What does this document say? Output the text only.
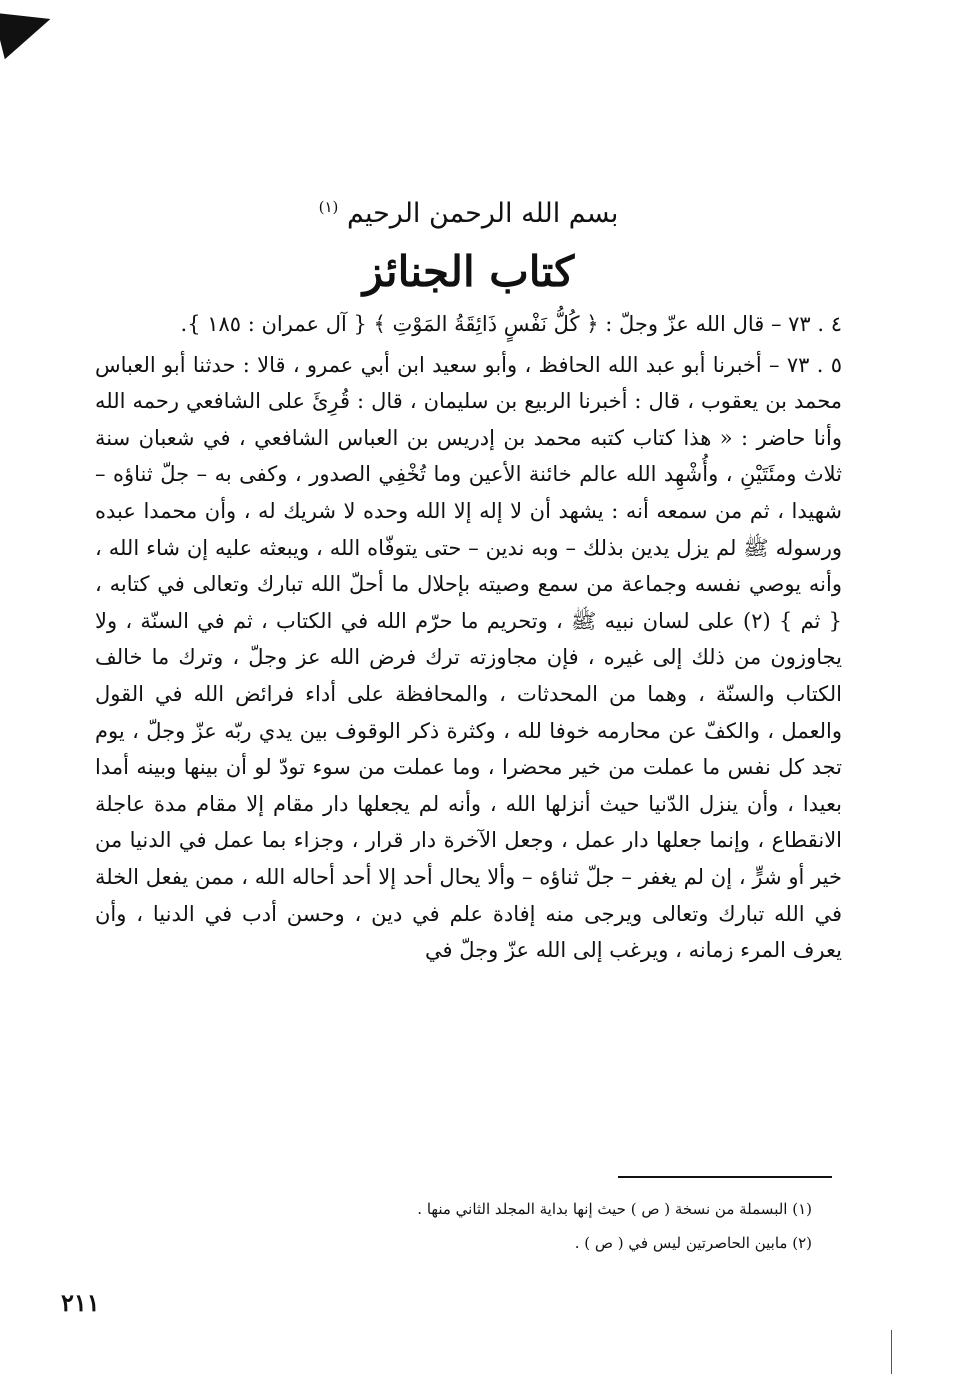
بسم الله الرحمن الرحيم $^{(١)}$

كتاب الجنائز

٤ . ٧٣ – قال الله عزّ وجلّ : ﴿ كُلُّ نَفْسٍ ذَائِقَةُ المَوْتِ ﴾ { آل عمران : ١٨٥ }.

٥ . ٧٣ – أخبرنا أبو عبد الله الحافظ ، وأبو سعيد ابن أبي عمرو ، قالا : حدثنا أبو العباس محمد بن يعقوب ، قال : أخبرنا الربيع بن سليمان ، قال : قُرِئَ على الشافعي رحمه الله وأنا حاضر : « هذا كتاب كتبه محمد بن إدريس بن العباس الشافعي ، في شعبان سنة ثلاث ومئَتَيْنِ ، وأُشْهِد الله عالم خائنة الأعين وما تُخْفِي الصدور ، وكفى به – جلّ ثناؤه – شهيدا ، ثم من سمعه أنه : يشهد أن لا إله إلا الله وحده لا شريك له ، وأن محمدا عبده ورسوله ﷺ لم يزل يدين بذلك – وبه ندين – حتى يتوفّاه الله ، ويبعثه عليه إن شاء الله ، وأنه يوصي نفسه وجماعة من سمع وصيته بإحلال ما أحلّ الله تبارك وتعالى في كتابه ، { ثم } (٢) على لسان نبيه ﷺ ، وتحريم ما حرّم الله في الكتاب ، ثم في السنّة ، ولا يجاوزون من ذلك إلى غيره ، فإن مجاوزته ترك فرض الله عز وجلّ ، وترك ما خالف الكتاب والسنّة ، وهما من المحدثات ، والمحافظة على أداء فرائض الله في القول والعمل ، والكفّ عن محارمه خوفا لله ، وكثرة ذكر الوقوف بين يدي ربّه عزّ وجلّ ، يوم تجد كل نفس ما عملت من خير محضرا ، وما عملت من سوء تودّ لو أن بينها وبينه أمدا بعيدا ، وأن ينزل الدّنيا حيث أنزلها الله ، وأنه لم يجعلها دار مقام إلا مقام مدة عاجلة الانقطاع ، وإنما جعلها دار عمل ، وجعل الآخرة دار قرار ، وجزاء بما عمل في الدنيا من خير أو شرٍّ ، إن لم يغفر – جلّ ثناؤه – وألا يحال أحد إلا أحد أحاله الله ، ممن يفعل الخلة في الله تبارك وتعالى ويرجى منه إفادة علم في دين ، وحسن أدب في الدنيا ، وأن يعرف المرء زمانه ، ويرغب إلى الله عزّ وجلّ في

(١) البسملة من نسخة ( ص ) حيث إنها بداية المجلد الثاني منها .

(٢) مابين الحاصرتين ليس في ( ص ) .

٢١١
